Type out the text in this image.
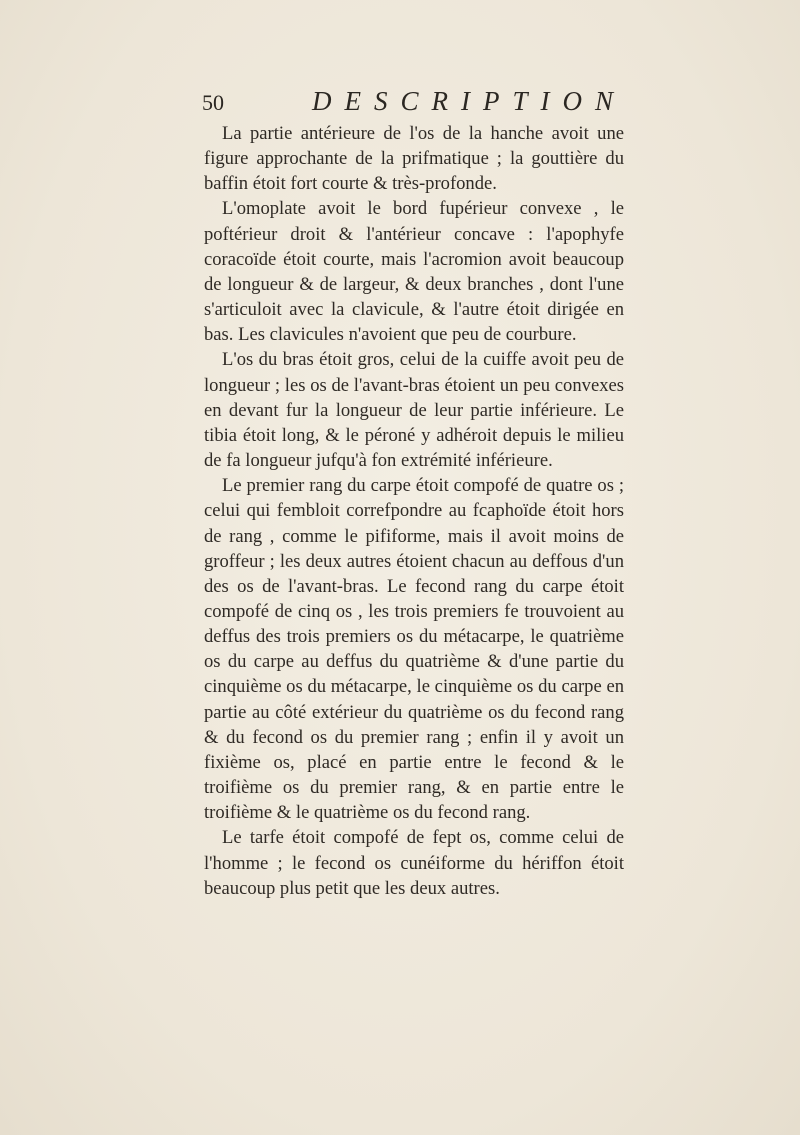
50	DESCRIPTION

La partie antérieure de l'os de la hanche avoit une figure approchante de la prifmatique ; la gouttière du baffin étoit fort courte & très-profonde.

L'omoplate avoit le bord fupérieur convexe , le poftérieur droit & l'antérieur concave : l'apophyfe coracoïde étoit courte, mais l'acromion avoit beaucoup de longueur & de largeur, & deux branches , dont l'une s'articuloit avec la clavicule, & l'autre étoit dirigée en bas. Les clavicules n'avoient que peu de courbure.

L'os du bras étoit gros, celui de la cuiffe avoit peu de longueur ; les os de l'avant-bras étoient un peu convexes en devant fur la longueur de leur partie inférieure. Le tibia étoit long, & le péroné y adhéroit depuis le milieu de fa longueur jufqu'à fon extrémité inférieure.

Le premier rang du carpe étoit compofé de quatre os ; celui qui fembloit correfpondre au fcaphoïde étoit hors de rang , comme le pififorme, mais il avoit moins de groffeur ; les deux autres étoient chacun au deffous d'un des os de l'avant-bras. Le fecond rang du carpe étoit compofé de cinq os , les trois premiers fe trouvoient au deffus des trois premiers os du métacarpe, le quatrième os du carpe au deffus du quatrième & d'une partie du cinquième os du métacarpe, le cinquième os du carpe en partie au côté extérieur du quatrième os du fecond rang & du fecond os du premier rang ; enfin il y avoit un fixième os, placé en partie entre le fecond & le troifième os du premier rang, & en partie entre le troifième & le quatrième os du fecond rang.

Le tarfe étoit compofé de fept os, comme celui de l'homme ; le fecond os cunéiforme du hériffon étoit beaucoup plus petit que les deux autres.
